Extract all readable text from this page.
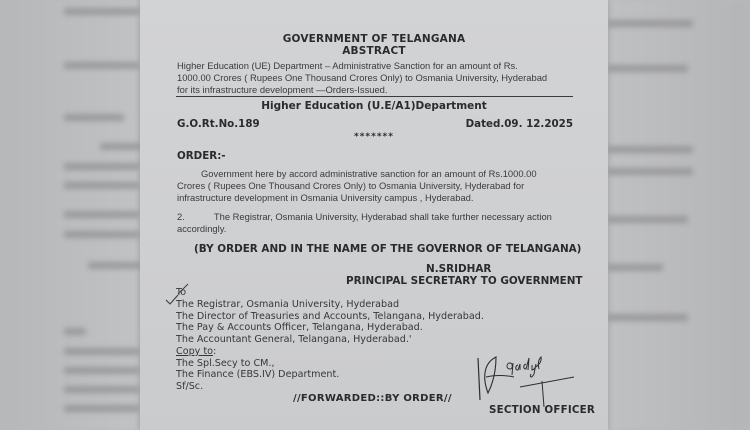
GOVERNMENT OF TELANGANA
ABSTRACT
Higher Education (UE) Department – Administrative Sanction for an amount of Rs.
1000.00 Crores ( Rupees One Thousand Crores Only) to Osmania University, Hyderabad
for its infrastructure development —Orders-Issued.
Higher Education (U.E/A1)Department
G.O.Rt.No.189	Dated.09. 12.2025
*******
ORDER:-
Government here by accord administrative sanction for an amount of Rs.1000.00
Crores ( Rupees One Thousand Crores Only) to Osmania University, Hyderabad for
infrastructure development in Osmania University campus , Hyderabad.
2.	The Registrar, Osmania University, Hyderabad shall take further necessary action
accordingly.
(BY ORDER AND IN THE NAME OF THE GOVERNOR OF TELANGANA)
N.SRIDHAR
PRINCIPAL SECRETARY TO GOVERNMENT
To
The Registrar, Osmania University, Hyderabad
The Director of Treasuries and Accounts, Telangana, Hyderabad.
The Pay & Accounts Officer, Telangana, Hyderabad.
The Accountant General, Telangana, Hyderabad.'
Copy to:
The Spl.Secy to CM.,
The Finance (EBS.IV) Department.
Sf/Sc.
//FORWARDED::BY ORDER//
SECTION OFFICER
